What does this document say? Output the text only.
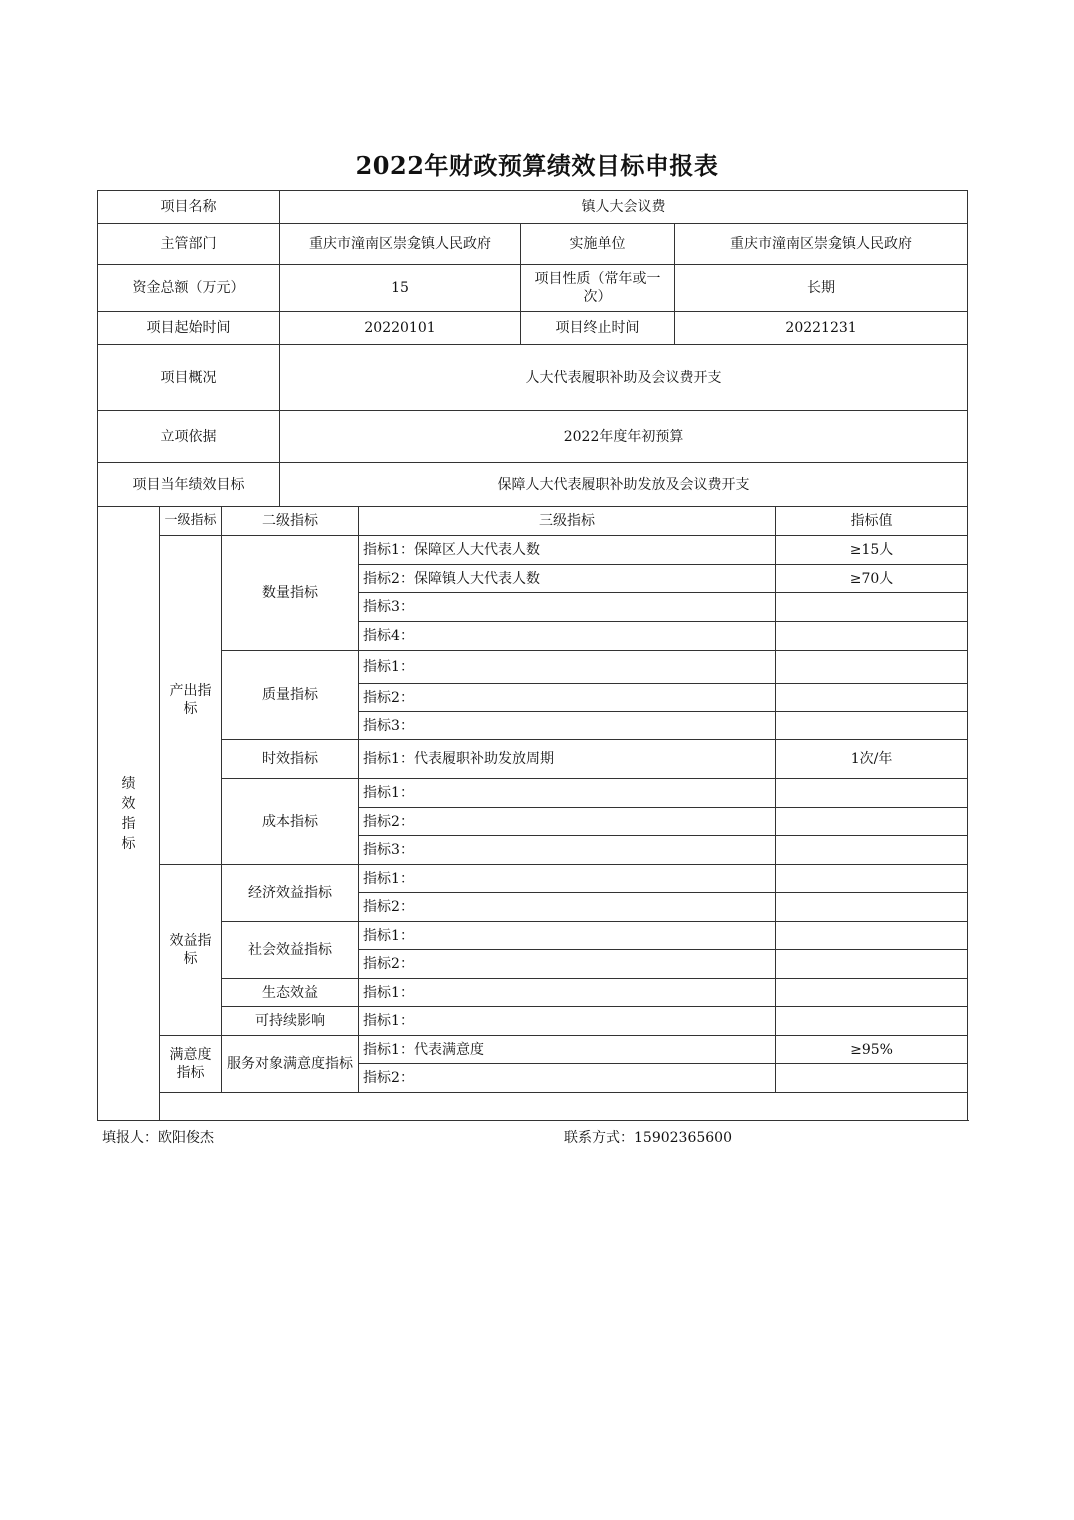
2022年财政预算绩效目标申报表
项目名称			镇人大会议费				
主管部门			重庆市潼南区崇龛镇人民政府		实施单位	重庆市潼南区崇龛镇人民政府	
资金总额（万元）			15		项目性质（常年或一次）	长期	
项目起始时间			20220101		项目终止时间	20221231	
项目概况			人大代表履职补助及会议费开支				
立项依据			2022年度年初预算				
项目当年绩效目标			保障人大代表履职补助发放及会议费开支				
绩效指标	一级指标	二级指标		三级指标			指标值
	产出指标	数量指标		指标1：保障区人大代表人数			≥15人
				指标2：保障镇人大代表人数			≥70人
				指标3：			
				指标4：			
		质量指标		指标1：			
				指标2：			
				指标3：			
		时效指标		指标1：代表履职补助发放周期			1次/年
		成本指标		指标1：			
				指标2：			
				指标3：			
	效益指标	经济效益指标		指标1：			
				指标2：			
		社会效益指标		指标1：			
				指标2：			
		生态效益		指标1：			
		可持续影响		指标1：			
	满意度指标	服务对象满意度指标		指标1：代表满意度			≥95%
				指标2：			

填报人：欧阳俊杰	联系方式：15902365600
